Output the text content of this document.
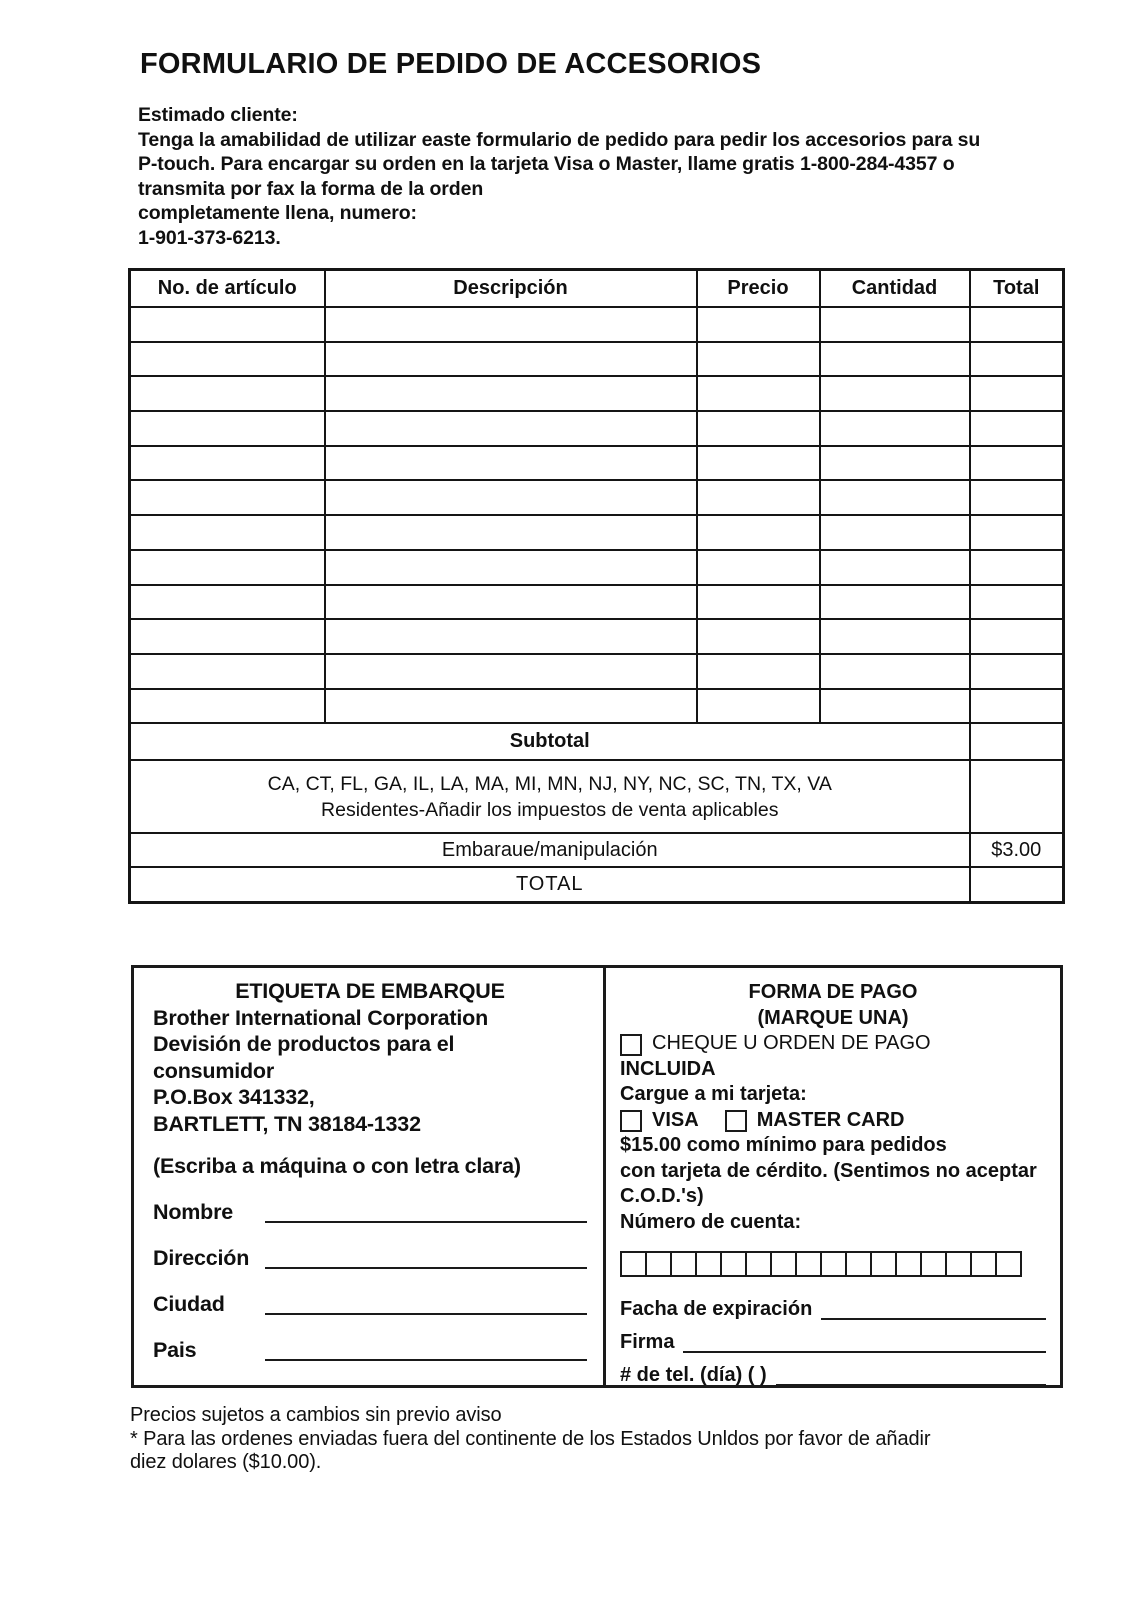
FORMULARIO DE PEDIDO DE ACCESORIOS
Estimado cliente:
Tenga la amabilidad de utilizar easte formulario de pedido para pedir los accesorios para su
P-touch. Para encargar su orden en la tarjeta Visa o Master, llame gratis 1-800-284-4357 o
transmita por fax la forma de la orden
completamente llena, numero:
1-901-373-6213.
No. de artículo	Descripción	Precio	Cantidad	Total

Subtotal				

CA, CT, FL, GA, IL, LA, MA, MI, MN, NJ, NY, NC, SC, TN, TX, VA
Residentes-Añadir los impuestos de venta aplicables				

Embaraue/manipulación				$3.00
TOTAL				
ETIQUETA DE EMBARQUE
Brother International Corporation
Devisión de productos para el
consumidor
P.O.Box 341332,
BARTLETT, TN 38184-1332
(Escriba a máquina o con letra clara)
Nombre
Dirección
Ciudad
Pais
FORMA DE PAGO
(MARQUE UNA)
CHEQUE U ORDEN DE PAGO
INCLUIDA
Cargue a mi tarjeta:
VISA	MASTER CARD
$15.00 como mínimo para pedidos
con tarjeta de cérdito. (Sentimos no aceptar
C.O.D.'s)
Número de cuenta:
Facha de expiración
Firma
# de tel. (día) ( )
Precios sujetos a cambios sin previo aviso
* Para las ordenes enviadas fuera del continente de los Estados Unldos por favor de añadir
diez dolares ($10.00).
